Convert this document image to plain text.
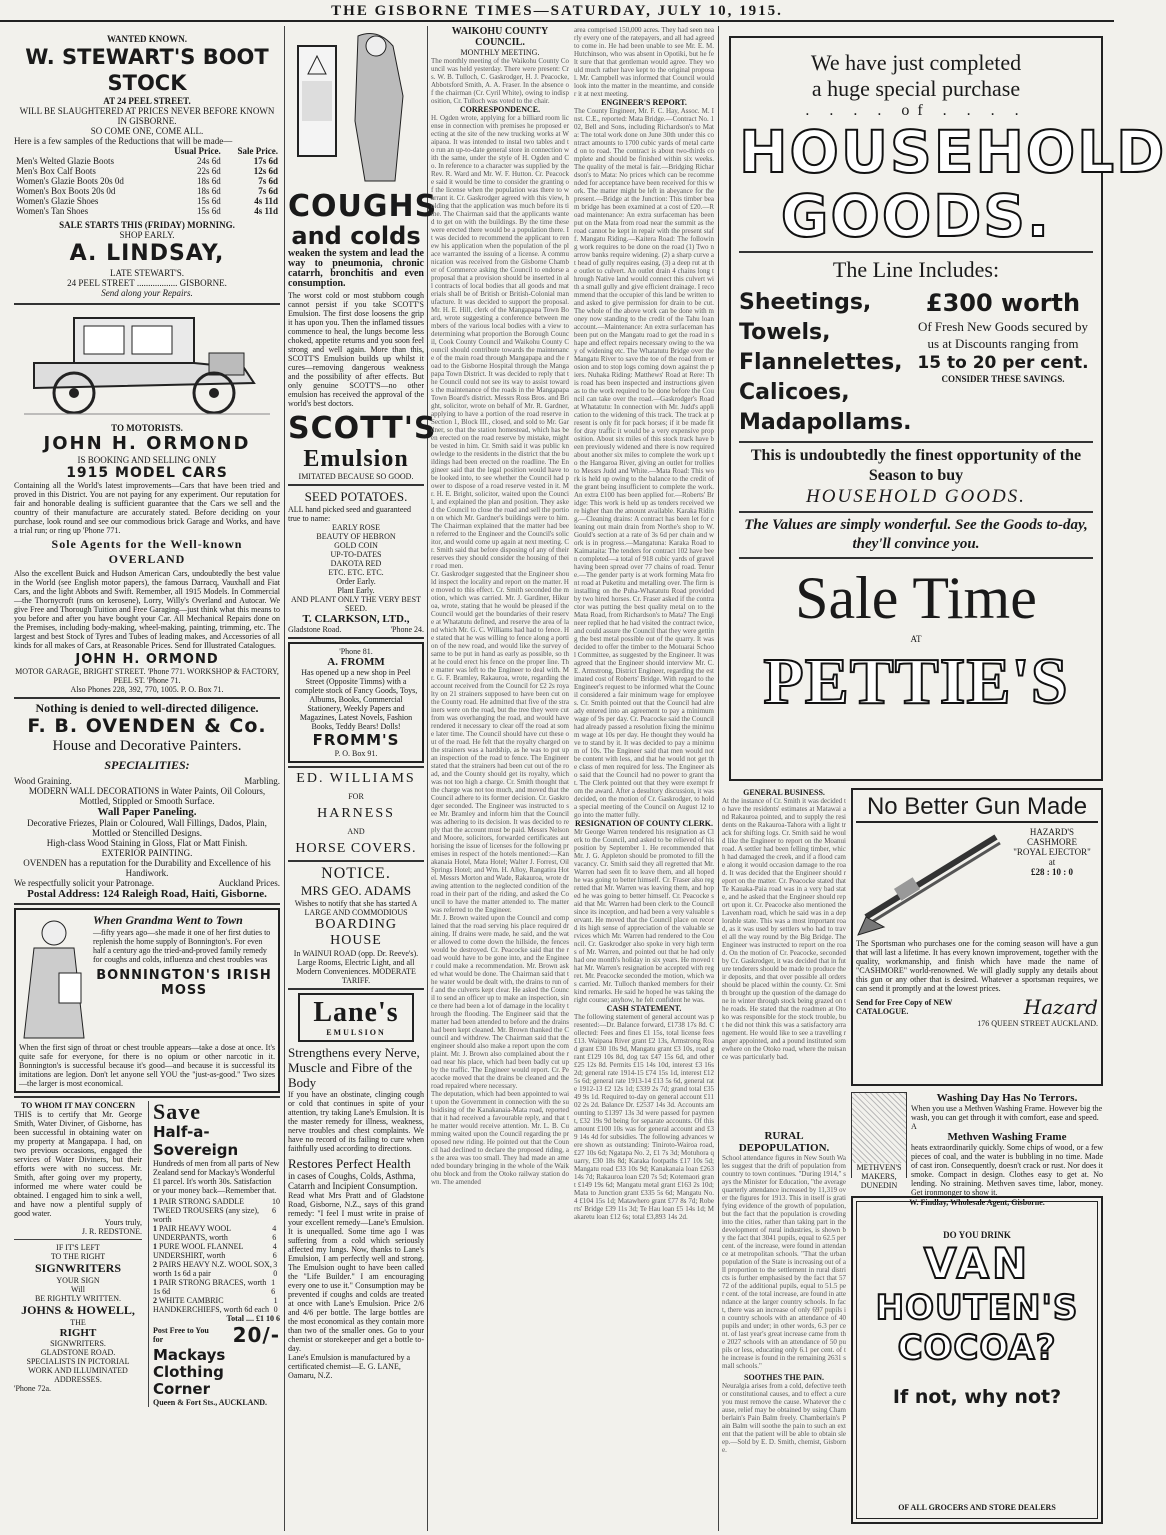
THE GISBORNE TIMES—SATURDAY, JULY 10, 1915.
WANTED KNOWN.
W. STEWART'S BOOT STOCK
AT 24 PEEL STREET.
WILL BE SLAUGHTERED AT PRICES NEVER BEFORE KNOWN IN GISBORNE.
SO COME ONE, COME ALL.
Here is a few samples of the Reductions that will be made—
	Usual Price.	Sale Price.
Men's Welted Glazie Boots	24s 6d	17s 6d
Men's Box Calf Boots	22s 6d	12s 6d
Women's Glazie Boots 20s 0d	18s 6d	7s 6d
Women's Box Boots 20s 0d	18s 6d	7s 6d
Women's Glazie Shoes	15s 6d	4s 11d
Women's Tan Shoes	15s 6d	4s 11d
SALE STARTS THIS (FRIDAY) MORNING.
SHOP EARLY.
A. LINDSAY,
LATE STEWART'S.
24 PEEL STREET .................. GISBORNE.
Send along your Repairs.
TO MOTORISTS.
JOHN H. ORMOND
IS BOOKING AND SELLING ONLY
1915 MODEL CARS
Containing all the World's latest improvements—Cars that have been tried and proved in this District. You are not paying for any experiment. Our reputation for fair and honorable dealing is sufficient guarantee that the Cars we sell and the country of their manufacture are accurately stated. Before deciding on your purchase, look round and see our commodious brick Garage and Works, and have a trial run; or ring up 'Phone 771.
Sole Agents for the Well-known OVERLAND
Also the excellent Buick and Hudson American Cars, undoubtedly the best value in the World (see English motor papers), the famous Darracq, Vauxhall and Fiat Cars, and the light Abbots and Swift. Remember, all 1915 Models. In Commercial—the Thornycroft (runs on kerosene), Lorry, Willy's Overland and Autocar. We give Free and Thorough Tuition and Free Garaging—just think what this means to you before and after you have bought your Car. All Mechanical Repairs done on the Premises, including body-making, wheel-making, painting, trimming, etc. The largest and best Stock of Tyres and Tubes of leading makes, and Accessories of all kinds for all makes of Cars, at Reasonable Prices. Send for Illustrated Catalogues.
JOHN H. ORMOND
MOTOR GARAGE, BRIGHT STREET. 'Phone 771. WORKSHOP & FACTORY, PEEL ST. 'Phone 71.
Also Phones 228, 392, 770, 1005. P. O. Box 71.
Nothing is denied to well-directed diligence.
F. B. OVENDEN & Co.
House and Decorative Painters.
SPECIALITIES:
Wood Graining.	Marbling.
MODERN WALL DECORATIONS in Water Paints, Oil Colours, Mottled, Stippled or Smooth Surface.
Wall Paper Paneling.
Decorative Friezes, Plain or Coloured, Wall Fillings, Dados, Plain, Mottled or Stencilled Designs.
High-class Wood Staining in Gloss, Flat or Matt Finish.
EXTERIOR PAINTING.
OVENDEN has a reputation for the Durability and Excellence of his Handiwork.
We respectfully solicit your Patronage.	Auckland Prices.
Postal Address: 124 Raleigh Road, Haiti, Gisborne.
When Grandma Went to Town
—fifty years ago—she made it one of her first duties to replenish the home supply of Bonnington's. For even half a century ago the tried-and-proved family remedy for coughs and colds, influenza and chest troubles was
BONNINGTON'S IRISH MOSS
When the first sign of throat or chest trouble appears—take a dose at once. It's quite safe for everyone, for there is no opium or other narcotic in it. Bonnington's is successful because it's good—and because it is successful its imitations are legion. Don't let anyone sell YOU the "just-as-good." Two sizes—the larger is most economical.
TO WHOM IT MAY CONCERN
THIS is to certify that Mr. George Smith, Water Diviner, of Gisborne, has been successful in obtaining water on my property at Mangapapa. I had, on two previous occasions, engaged the services of Water Diviners, but their efforts were with no success. Mr. Smith, after going over my property, informed me where water could be obtained. I engaged him to sink a well, and have now a plentiful supply of good water.
Yours truly,
J. R. REDSTONE.
IF IT'S LEFT
TO THE RIGHT
SIGNWRITERS
YOUR SIGN
Will
BE RIGHTLY WRITTEN.
JOHNS & HOWELL,
THE
RIGHT
SIGNWRITERS.
GLADSTONE ROAD.
SPECIALISTS IN PICTORIAL WORK AND ILLUMINATED ADDRESSES.
'Phone 72a.
Save
Half-a-Sovereign
Hundreds of men from all parts of New Zealand send for Mackay's Wonderful £1 parcel. It's worth 30s. Satisfaction or your money back—Remember that.
1 PAIR STRONG SADDLE TWEED TROUSERS (any size), worth
10 6
1 PAIR HEAVY WOOL UNDERPANTS, worth
4 6
1 PURE WOOL FLANNEL UNDERSHIRT, worth
4 6
2 PAIRS HEAVY N.Z. WOOL SOX, worth 1s 6d a pair
3 0
1 PAIR STRONG BRACES, worth 1s 6d
1 6
2 WHITE CAMBRIC HANDKERCHIEFS, worth 6d each
1 0
Total .... £1 10 6
Post Free to You for	20/-
Mackays Clothing Corner
Queen & Fort Sts., AUCKLAND.
COUGHS
and colds
weaken the system and lead the way to pneumonia, chronic catarrh, bronchitis and even consumption.
The worst cold or most stubborn cough cannot persist if you take SCOTT'S Emulsion. The first dose loosens the grip it has upon you. Then the inflamed tissues commence to heal, the lungs become less choked, appetite returns and you soon feel strong and well again. More than this, SCOTT'S Emulsion builds up whilst it cures—removing dangerous weakness and the possibility of after effects. But only genuine SCOTT'S—no other emulsion has received the approval of the world's best doctors.
SCOTT'S
Emulsion
IMITATED BECAUSE SO GOOD.
SEED POTATOES.
ALL hand picked seed and guaranteed true to name:
EARLY ROSE
BEAUTY OF HEBRON
GOLD COIN
UP-TO-DATES
DAKOTA RED
ETC. ETC. ETC.
Order Early.
Plant Early.
AND PLANT ONLY THE VERY BEST SEED.
T. CLARKSON, LTD.,
Gladstone Road.	'Phone 24.
'Phone 81.
A. FROMM
Has opened up a new shop in Peel Street (Opposite Timms) with a complete stock of Fancy Goods, Toys, Albums, Books, Commercial Stationery, Weekly Papers and Magazines, Latest Novels, Fashion Books, Teddy Bears! Dolls!
FROMM'S
P. O. Box 91.
ED. WILLIAMS
FOR
HARNESS
AND
HORSE COVERS.
NOTICE.
MRS GEO. ADAMS
Wishes to notify that she has started A LARGE AND COMMODIOUS
BOARDING HOUSE
In WAINUI ROAD (opp. Dr. Reeve's). Large Rooms, Electric Light, and all Modern Conveniences. MODERATE TARIFF.
Lane's
EMULSION
Strengthens every Nerve, Muscle and Fibre of the Body
If you have an obstinate, clinging cough or cold that continues in spite of your attention, try taking Lane's Emulsion. It is the master remedy for illness, weakness, nerve troubles and chest complaints. We have no record of its failing to cure when faithfully used according to directions.
Restores Perfect Health
in cases of Coughs, Colds, Asthma, Catarrh and Incipient Consumption.
Read what Mrs Pratt and of Gladstone Road, Gisborne, N.Z., says of this grand remedy: "I feel I must write in praise of your excellent remedy—Lane's Emulsion. It is unequalled. Some time ago I was suffering from a cold which seriously affected my lungs. Now, thanks to Lane's Emulsion, I am perfectly well and strong. The Emulsion ought to have been called the "Life Builder." I am encouraging every one to use it." Consumption may be prevented if coughs and colds are treated at once with Lane's Emulsion. Price 2/6 and 4/6 per bottle. The large bottles are the most economical as they contain more than two of the smaller ones. Go to your chemist or storekeeper and get a bottle to-day.
Lane's Emulsion is manufactured by a certificated chemist—E. G. LANE, Oamaru, N.Z.
WAIKOHU COUNTY COUNCIL.
MONTHLY MEETING.
The monthly meeting of the Waikohu County Council was held yesterday. There were present: Crs. W. B. Tulloch, C. Gaskrodger, H. J. Peacocke, Abbotsford Smith, A. A. Fraser. In the absence of the chairman (Cr. Cyril White), owing to indisposition, Cr. Tulloch was voted to the chair.
CORRESPONDENCE.
H. Ogden wrote, applying for a billiard room license in connection with premises he proposed erecting at the site of the new trucking works at Waipaoa. It was intended to instal two tables and to run an up-to-date general store in connection with the same, under the style of H. Ogden and Co. In reference to a character was supplied by the Rev. R. Ward and Mr. W. F. Hutton. Cr. Peacocke said it would be time to consider the granting of the license when the population was there to warrant it. Cr. Gaskrodger agreed with this view, holding that the application was much before its time. The Chairman said that the applicants wanted to get on with the buildings. By the time these were erected there would be a population there. It was decided to recommend the applicant to renew his application when the population of the place warranted the issuing of a license. A communication was received from the Gisborne Chamber of Commerce asking the Council to endorse a proposal that a provision should be inserted in all contracts of local bodies that all goods and materials shall be of British or British-Colonial manufacture. It was decided to support the proposal. Mr. H. E. Hill, clerk of the Mangapapa Town Board, wrote suggesting a conference between members of the various local bodies with a view to determining what proportion the Borough Council, Cook County Council and Waikohu County Council should contribute towards the maintenance of the main road through Mangapapa and the road to the Gisborne Hospital through the Mangapapa Town District. It was decided to reply that the Council could not see its way to assist towards the maintenance of the roads in the Mangapapa Town Board's district. Messrs Ross Bros. and Bright, solicitor, wrote on behalf of Mr. R. Gardner, applying to have a portion of the road reserve in Section 1, Block III., closed, and sold to Mr. Gardner, so that the station homestead, which has been erected on the road reserve by mistake, might be vested in him. Cr. Smith said it was public knowledge to the residents in the district that the buildings had been erected on the roadline. The Engineer said that the legal position would have to be looked into, to see whether the Council had power to dispose of a road reserve vested in it. Mr. H. E. Bright, solicitor, waited upon the Council, and explained the plan and position. They asked the Council to close the road and sell the portion on which Mr. Gardner's buildings were to him. The Chairman explained that the matter had been referred to the Engineer and the Council's solicitor, and would come up again at next meeting. Cr. Smith said that before disposing of any of their reserves they should consider the housing of their road men.
Cr. Gaskrodger suggested that the Engineer should inspect the locality and report on the matter. He moved to this effect. Cr. Smith seconded the motion, which was carried. Mr. J. Gardiner, Hikuroa, wrote, stating that he would be pleased if the Council would get the boundaries of their reserve at Whatatutu defined, and reserve the area of land which Mr. G. C. Williams had had to fence. He stated that he was willing to fence along a portion of the new road, and would like the survey of same to be put in hand as early as possible, so that he could erect his fence on the proper line. The matter was left to the Engineer to deal with. Mr. G. F. Bramley, Rakauroa, wrote, regarding the account received from the Council for £2 2s royalty on 21 strainers supposed to have been cut on the County road. He admitted that five of the strainers were on the road, but the tree they were cut from was overhanging the road, and would have rendered it necessary to clear off the road at some later time. The Council should have cut these out of the road. He felt that the royalty charged on the strainers was a hardship, as he was to put up an inspection of the road to fence. The Engineer stated that the strainers had been cut out of the road, and the County should get its royalty, which was not too high a charge. Cr. Smith thought that the charge was not too much, and moved that the Council adhere to its former decision. Cr. Gaskrodger seconded. The Engineer was instructed to see Mr. Bramley and inform him that the Council was adhering to its decision. It was decided to reply that the account must be paid. Messrs Nelson and Moore, solicitors, forwarded certificates authorising the issue of licenses for the following premises in respect of the hotels mentioned:—Kanakanaia Hotel, Mata Hotel; Walter J. Forrest, Oil Springs Hotel; and Wm. H. Alloy, Rangatira Hotel. Messrs Morton and Wade, Rakauroa, wrote drawing attention to the neglected condition of the road in their part of the riding, and asked the Council to have the matter attended to. The matter was referred to the Engineer.
Mr. J. Brown waited upon the Council and complained that the road serving his place required draining. If drains were made, he said, and the water allowed to come down the hillside, the fences would be destroyed. Cr. Peacocke said that the road would have to be gone into, and the Engineer could make a recommendation. Mr. Brown asked what would be done. The Chairman said that the water would be dealt with, the drains to run off and the culverts kept clear. He asked the Council to send an officer up to make an inspection, since there had been a lot of damage in the locality through the flooding. The Engineer said that the matter had been attended to before and the drains had been kept cleaned. Mr. Brown thanked the Council and withdrew. The Chairman said that the engineer should also make a report upon the complaint. Mr. J. Brown also complained about the road near his place, which had been badly cut up by the traffic. The Engineer would report. Cr. Peacocke moved that the drains be cleaned and the road repaired where necessary.
The deputation, which had been appointed to wait upon the Government in connection with the subsidising of the Kanakanaia-Mata road, reported that it had received a favourable reply, and that the matter would receive attention. Mr. L. B. Cumming waited upon the Council regarding the proposed new riding. He pointed out that the Council had declined to declare the proposed riding, as the area was too small. They had made an amended boundary bringing in the whole of the Waikohu block and from the Otoko railway station down. The amended
area comprised 150,000 acres. They had seen nearly every one of the ratepayers, and all had agreed to come in. He had been unable to see Mr. E. M. Hutchinson, who was absent in Opotiki, but he felt sure that that gentleman would agree. They would much rather have kept to the original proposal. Mr. Campbell was informed that Council would look into the matter in the meantime, and consider it at next meeting.
ENGINEER'S REPORT.
The County Engineer, Mr. F. C. Hay, Assoc. M. Inst. C.E., reported: Mata Bridge.—Contract No. 102, Bell and Sons, including Richardson's to Mata: The total work done on June 30th under this contract amounts to 1700 cubic yards of metal carted on to road. The contract is about two-thirds complete and should be finished within six weeks. The quality of the metal is fair.—Bridging Richardson's to Mata: No prices which can be recommended for acceptance have been received for this work. The matter might be left in abeyance for the present.—Bridge at the Junction: This timber beam bridge has been examined at a cost of £20.—Road maintenance: An extra surfaceman has been put on the Mata from road near the summit as the road cannot be kept in repair with the present staff. Mangatu Riding.—Kaitera Road: The following work requires to be done on the road (1) Two narrow banks require widening. (2) a sharp curve at head of gully requires easing, (3) a deep rut at the outlet to culvert. An outlet drain 4 chains long through Native land would connect this culvert with a small gully and give efficient drainage. I recommend that the occupier of this land be written to and asked to give permission for drain to be cut. The whole of the above work can be done with money now standing to the credit of the Tahu loan account.—Maintenance: An extra surfaceman has been put on the Mangatu road to get the road in shape and effect repairs necessary owing to the way of widening etc. The Whatatutu Bridge over the Mangatu River to save the toe of the road from erosion and to stop logs coming down against the piers. Nuhaka Riding: Matthews' Road at Rere: This road has been inspected and instructions given as to the work required to be done before the Council can take over the road.—Gaskrodger's Road at Whatatutu: In connection with Mr. Judd's application to the widening of this track. The track at present is only fit for pack horses; if it be made fit for dray traffic it would be a very expensive proposition. About six miles of this stock track have been previously widened and there is now required about another six miles to complete the work up to the Hangaroa River, giving an outlet for trollies to Messrs Judd and White.—Mata Road: This work is held up owing to the balance to the credit of the grant being insufficient to complete the work. An extra £100 has been applied for.—Roberts' Bridge: This work is held up as tenders received were higher than the amount available. Karaka Riding.—Cleaning drains: A contract has been let for cleaning out main drain from Northe's shop to W. Gould's section at a rate of 3s 6d per chain and work is in progress.—Mangatuna: Karaka Road to Kaimataita: The tenders for contract 102 have been completed—a total of 918 cubic yards of gravel having been spread over 77 chains of road. Tenure.—The gender party is at work forming Mata front road at Puketitu and metalling over. The firm is installing on the Puha-Whatatutu Road provided by two hired horses. Cr. Fraser asked if the contractor was putting the best quality metal on to the Mata Road, from Richardson's to Mata? The Engineer replied that he had visited the contract twice, and could assure the Council that they were getting the best metal possible out of the quarry. It was decided to offer the timber to the Motuarai School Committee, as suggested by the Engineer. It was agreed that the Engineer should interview Mr. C. E. Armstrong, District Engineer, regarding the estimated cost of Roberts' Bridge. With regard to the Engineer's request to be informed what the Council considered a fair minimum wage for employees. Cr. Smith pointed out that the Council had already entered into an agreement to pay a minimum wage of 9s per day. Cr. Peacocke said the Council had already passed a resolution fixing the minimum wage at 10s per day. He thought they would have to stand by it. It was decided to pay a minimum of 10s. The Engineer said that men would not be content with less, and that he would not get the class of men required for less. The Engineer also said that the Council had no power to grant that. The Clerk pointed out that they were exempt from the award. After a desultory discussion, it was decided, on the motion of Cr. Gaskrodger, to hold a special meeting of the Council on August 12 to go into the matter fully.
RESIGNATION OF COUNTY CLERK.
Mr George Warren tendered his resignation as Clerk to the Council, and asked to be relieved of his position by September 1. He recommended that Mr. J. G. Appleton should be promoted to fill the vacancy. Cr. Smith said they all regretted that Mr. Warren had seen fit to leave them, and all hoped he was going to better himself. Cr. Fraser also regretted that Mr. Warren was leaving them, and hoped he was going to better himself. Cr. Peacocke said that Mr. Warren had been clerk to the Council since its inception, and had been a very valuable servant. He moved that the Council place on record its high sense of appreciation of the valuable services which Mr. Warren had rendered to the Council. Cr. Gaskrodger also spoke in very high terms of Mr. Warren, and pointed out that he had only had one month's holiday in six years. He moved that Mr. Warren's resignation be accepted with regret. Mr. Peacocke seconded the motion, which was carried. Mr. Tulloch thanked members for their kind remarks. He said he hoped he was taking the right course; anyhow, he felt confident he was.
CASH STATEMENT.
The following statement of general account was presented:—Dr. Balance forward, £1738 17s 8d. Collected: Fees and fines £1 15s, total license fees £13. Waipaoa River grant £2 13s, Armstrong Road grant £30 10s 9d, Mangatu grant £3 10s, road grant £129 10s 8d, dog tax £47 15s 6d, and other £25 12s 8d. Permits £15 14s 10d, interest £3 16s 2d; general rate 1914-15 £74 15s 1d, interest £12 5s 6d; general rate 1913-14 £13 5s 6d, general rate 1912-13 £2 12s 1d; £339 2s 7d; grand total £3549 9s 1d. Required to-day on general account £1102 2s 2d. Balance Dr. £2537 14s 3d. Accounts amounting to £1397 13s 3d were passed for payment, £32 19s 9d being for separate accounts. Of this amount £100 10s was for general account and £39 14s 4d for subsidies. The following advances were shown as outstanding: Tiniroto-Wairoa road, £27 10s 6d; Ngatapa No. 2, £1 7s 3d; Motuhora quarry, £30 18s 8d; Karaka footpaths £17 10s 5d; Mangatu road £33 10s 9d; Kanakanaia loan £263 14s 7d; Rakauroa loan £20 7s 5d; Kotemaori grant £149 19s 6d; Mangatu metal grant £163 2s 10d; Mata to Junction grant £335 5s 6d; Mangatu No. 4 £104 15s 1d; Matawhero grant £77 8s 7d; Roberts' Bridge £39 11s 3d; Te Hau loan £5 14s 1d; Makaretu loan £12 6s; total £3,893 14s 2d.
We have just completed
a huge special purchase
. . . . of . . . .
HOUSEHOLD
GOODS.
The Line Includes:
Sheetings,
Towels,
Flannelettes,
Calicoes,
Madapollams.
£300 worth
Of Fresh New Goods secured by us at Discounts ranging from
15 to 20 per cent.
CONSIDER THESE SAVINGS.
This is undoubtedly the finest opportunity of the Season to buy
HOUSEHOLD GOODS.
The Values are simply wonderful. See the Goods to-day, they'll convince you.
Sale Time
AT
PETTIE'S
GENERAL BUSINESS.
At the instance of Cr. Smith it was decided to have the residents' estimates at Matawai and Rakauroa pointed, and to supply the residents on the Rakauroa-Tahora with a light track for shifting logs. Cr. Smith said he would like the Engineer to report on the Moanui road. A settler had been felling timber, which had damaged the creek, and if a flood came along it would occasion damage to the road. It was decided that the Engineer should report on the matter. Cr. Peacocke stated that Te Kauaka-Paia road was in a very bad state, and he asked that the Engineer should report upon it. Cr. Peacocke also mentioned the Lavenham road, which he said was in a deplorable state. This was a most important road, as it was used by settlers who had to travel all the way round by the Big Bridge. The Engineer was instructed to report on the road. On the motion of Cr. Peacocke, seconded by Cr. Gaskrodger, it was decided that in future tenderers should be made to produce their deposits, and that over possible all orders should be placed within the county. Cr. Smith brought up the question of the damage done in winter through stock being grazed on the roads. He stated that the roadmen at Otoko was responsible for the stock trouble, but he did not think this was a satisfactory arrangement. He would like to see a travelling ranger appointed, and a pound instituted somewhere on the Otoko road, where the nuisance was particularly bad.
RURAL DEPOPULATION.
School attendance figures in New South Wales suggest that the drift of population from country to town continues. "During 1914," says the Minister for Education, "the average quarterly attendance increased by 11,319 over the figures for 1913. This in itself is gratifying evidence of the growth of population, but the fact that the population is crowding into the cities, rather than taking part in the development of rural industries, is shown by the fact that 3041 pupils, equal to 62.5 per cent. of the increase, were found in attendance at metropolitan schools. "That the urban population of the State is increasing out of all proportion to the settlement in rural districts is further emphasised by the fact that 5772 of the additional pupils, equal to 51.5 per cent. of the total increase, are found in attendance at the larger country schools. In fact, there was an increase of only 697 pupils in country schools with an attendance of 40 pupils and under; in other words, 6.3 per cent. of last year's great increase came from the 2027 schools with an attendance of 50 pupils or less, educating only 6.1 per cent. of the increase is found in the remaining 2631 small schools."
SOOTHES THE PAIN.
Neuralgia arises from a cold, defective teeth or constitutional causes, and to effect a cure you must remove the cause. Whatever the cause, relief may be obtained by using Chamberlain's Pain Balm freely. Chamberlain's Pain Balm will soothe the pain to such an extent that the patient will be able to obtain sleep.—Sold by E. D. Smith, chemist, Gisborne.
No Better Gun Made
HAZARD'S
CASHMORE
"ROYAL EJECTOR"
at
£28 : 10 : 0
The Sportsman who purchases one for the coming season will have a gun that will last a lifetime. It has every known improvement, together with the quality, workmanship, and finish which have made the name of "CASHMORE" world-renowned. We will gladly supply any details about this gun or any other that is desired. Whatever a sportsman requires, we can send it promptly and at the lowest prices.
Send for Free Copy of NEW CATALOGUE.	Hazard
176 QUEEN STREET AUCKLAND.
METHVEN'S MAKERS, DUNEDIN
Washing Day Has No Terrors.
When you use a Methven Washing Frame. However big the wash, you can get through it with comfort, ease and speed. A
Methven Washing Frame
heats extraordinarily quickly. Some chips of wood, or a few pieces of coal, and the water is bubbling in no time. Made of cast iron. Consequently, doesn't crack or rust. Nor does it smoke. Compact in design. Clothes easy to get at. No lending. No straining. Methven saves time, labor, money. Get ironmonger to show it.
W. Findlay, Wholesale Agent, Gisborne.
DO YOU DRINK
VAN
HOUTEN'S
COCOA?
If not, why not?
OF ALL GROCERS AND STORE DEALERS
